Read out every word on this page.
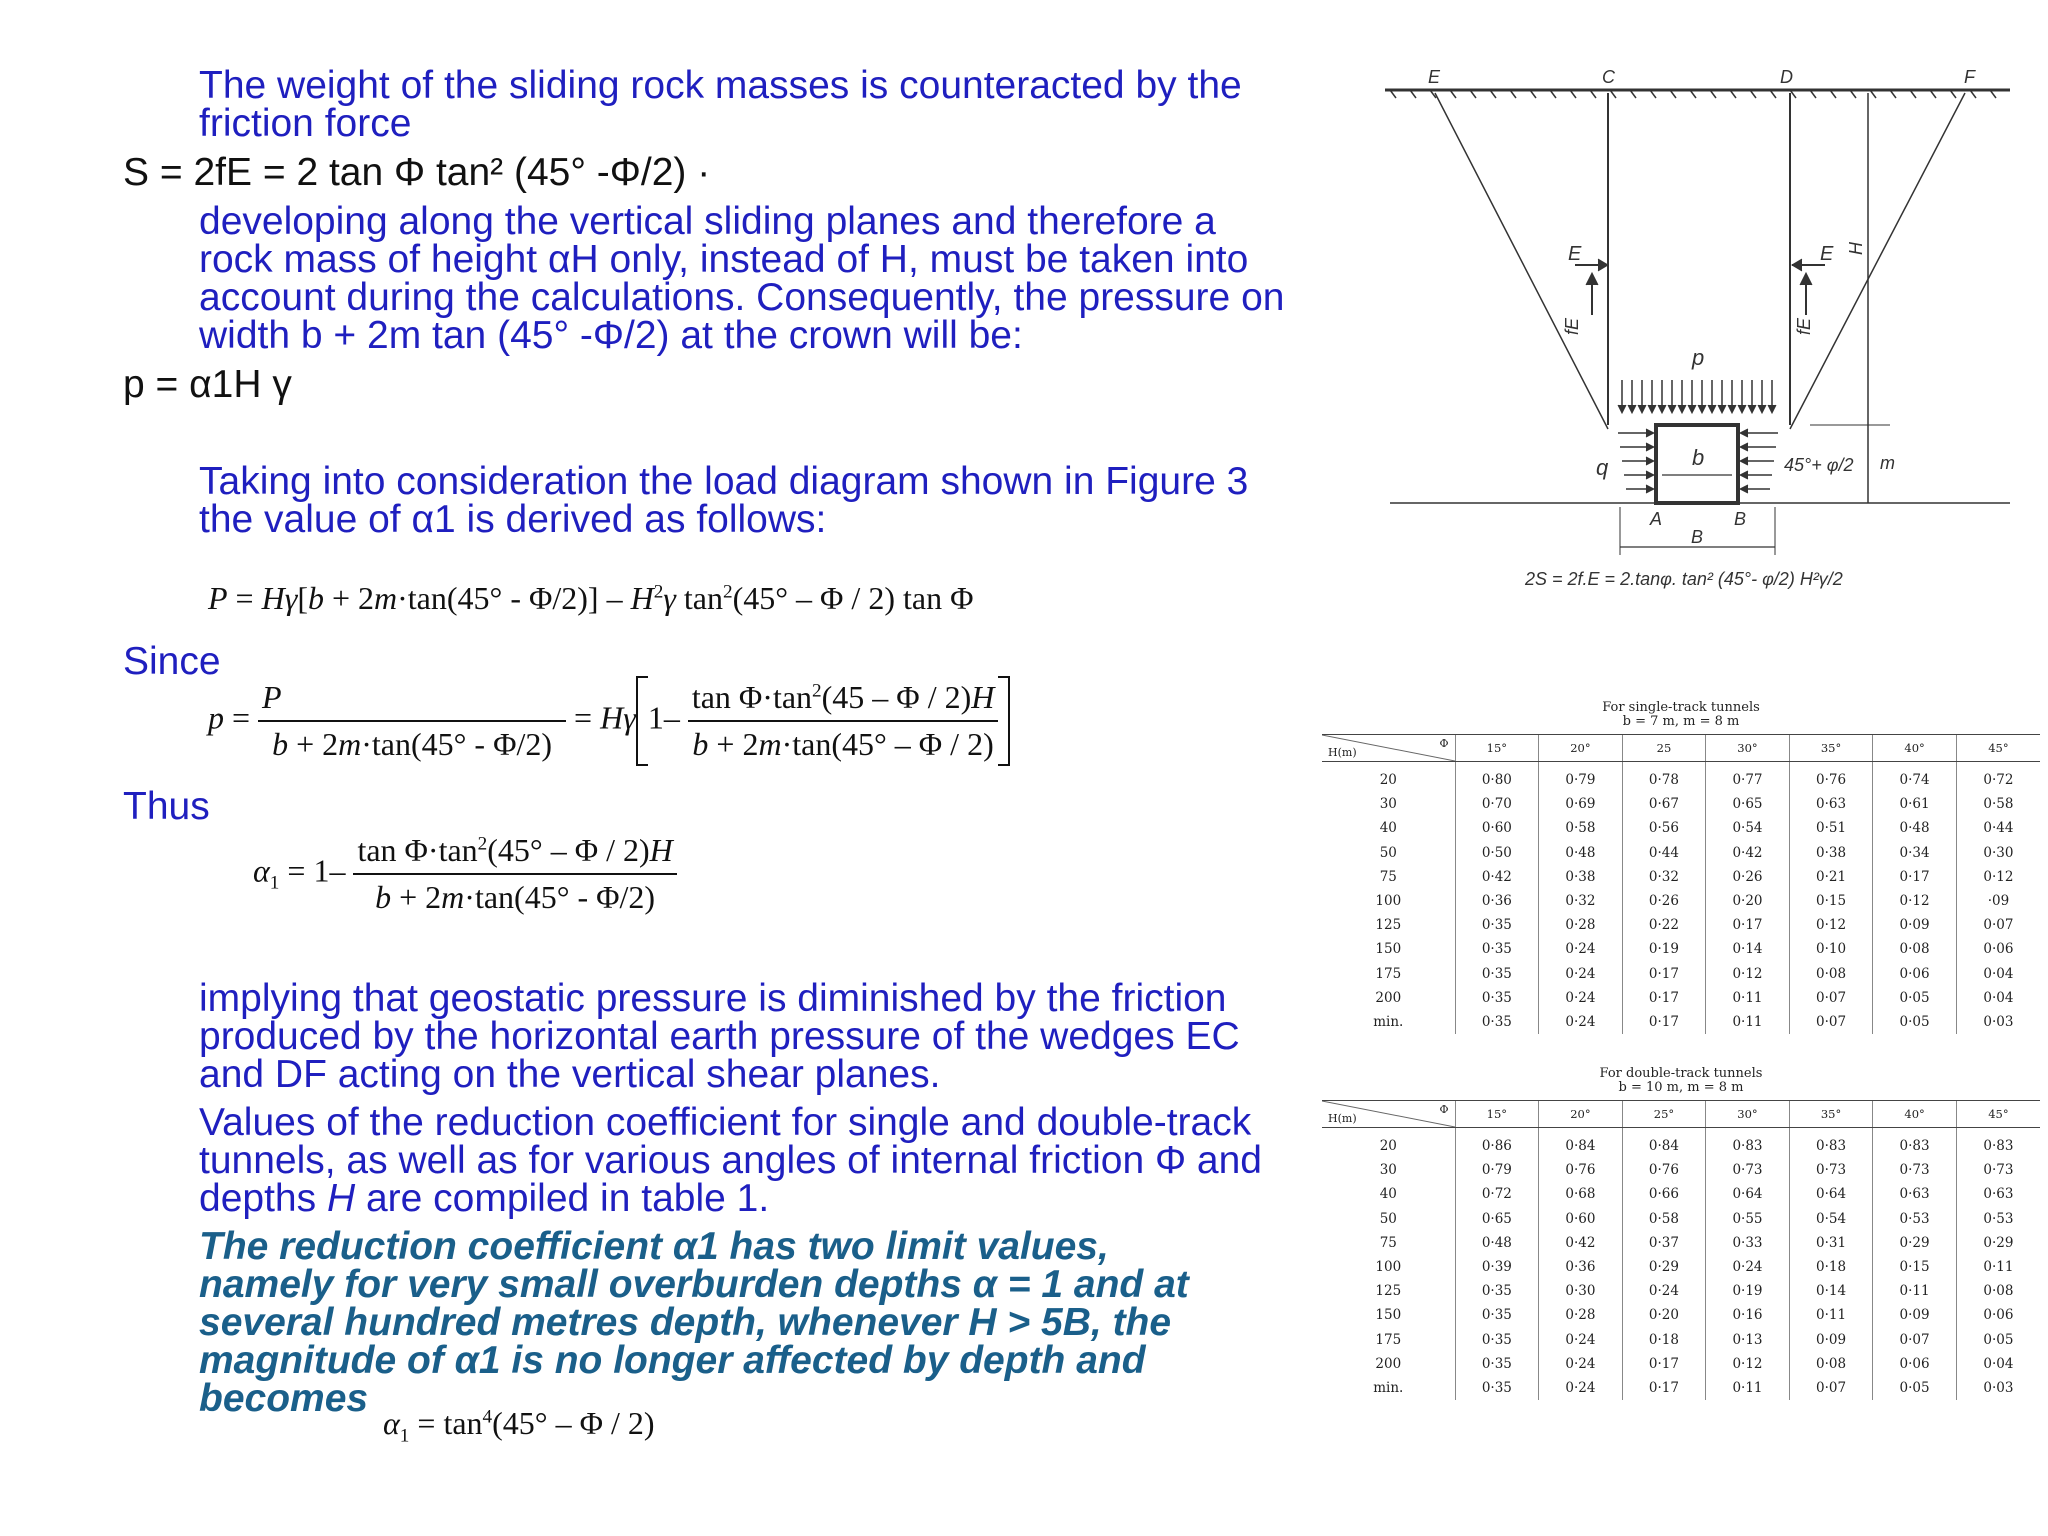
The weight of the sliding rock masses is counteracted by the friction force
S = 2fE = 2 tan Φ tan² (45° -Φ/2) ·
developing along the vertical sliding planes and therefore a rock mass of height αH only, instead of H, must be taken into account during the calculations. Consequently, the pressure on width b + 2m tan (45° -Φ/2) at the crown will be:
p = α1H γ
Taking into consideration the load diagram shown in Figure 3 the value of α1 is derived as follows:
$P = H\gamma[b + 2m\cdot\tan(45^\circ - \Phi/2)] - H^2\gamma$ $\tan^2(45^\circ$ – Φ / 2) tan Φ
Since
$p = \frac{P}{b + 2m\cdot\tan(45^\circ - \Phi/2)} = H\gamma$ $1- \frac{\tan \Phi\cdot\tan^2(45 - \Phi / 2)H}{b + 2m\cdot\tan(45^\circ - \Phi / 2)}$
Thus
$\alpha_1 = 1- \frac{\tan \Phi\cdot\tan^2(45^\circ - \Phi / 2)H}{b + 2m\cdot\tan(45^\circ - \Phi/2)}$
implying that geostatic pressure is diminished by the friction produced by the horizontal earth pressure of the wedges EC and DF acting on the vertical shear planes.
Values of the reduction coefficient for single and double-track tunnels, as well as for various angles of internal friction Φ and depths H are compiled in table 1.
The reduction coefficient α1 has two limit values, namely for very small overburden depths α = 1 and at several hundred metres depth, whenever H > 5B, the magnitude of α1 is no longer affected by depth and becomes
$\alpha_1 = \tan^4(45^\circ - \Phi / 2)$
E	C	D	F
E	E
fE	fE
H
p
q	b	45°+ φ/2 m
A	B
B
2S = 2f.E = 2.tanφ. tan² (45°- φ/2) H²γ/2
For single-track tunnels
b = 7 m, m = 8 m
H(m)
Φ	15°	20°	25	30°	35°	40°	45°
20	0·80	0·79	0·78	0·77	0·76	0·74	0·72
30	0·70	0·69	0·67	0·65	0·63	0·61	0·58
40	0·60	0·58	0·56	0·54	0·51	0·48	0·44
50	0·50	0·48	0·44	0·42	0·38	0·34	0·30
75	0·42	0·38	0·32	0·26	0·21	0·17	0·12
100	0·36	0·32	0·26	0·20	0·15	0·12	·09
125	0·35	0·28	0·22	0·17	0·12	0·09	0·07
150	0·35	0·24	0·19	0·14	0·10	0·08	0·06
175	0·35	0·24	0·17	0·12	0·08	0·06	0·04
200	0·35	0·24	0·17	0·11	0·07	0·05	0·04
min.	0·35	0·24	0·17	0·11	0·07	0·05	0·03
For double-track tunnels
b = 10 m, m = 8 m
H(m)
Φ	15°	20°	25°	30°	35°	40°	45°
20	0·86	0·84	0·84	0·83	0·83	0·83	0·83
30	0·79	0·76	0·76	0·73	0·73	0·73	0·73
40	0·72	0·68	0·66	0·64	0·64	0·63	0·63
50	0·65	0·60	0·58	0·55	0·54	0·53	0·53
75	0·48	0·42	0·37	0·33	0·31	0·29	0·29
100	0·39	0·36	0·29	0·24	0·18	0·15	0·11
125	0·35	0·30	0·24	0·19	0·14	0·11	0·08
150	0·35	0·28	0·20	0·16	0·11	0·09	0·06
175	0·35	0·24	0·18	0·13	0·09	0·07	0·05
200	0·35	0·24	0·17	0·12	0·08	0·06	0·04
min.	0·35	0·24	0·17	0·11	0·07	0·05	0·03
